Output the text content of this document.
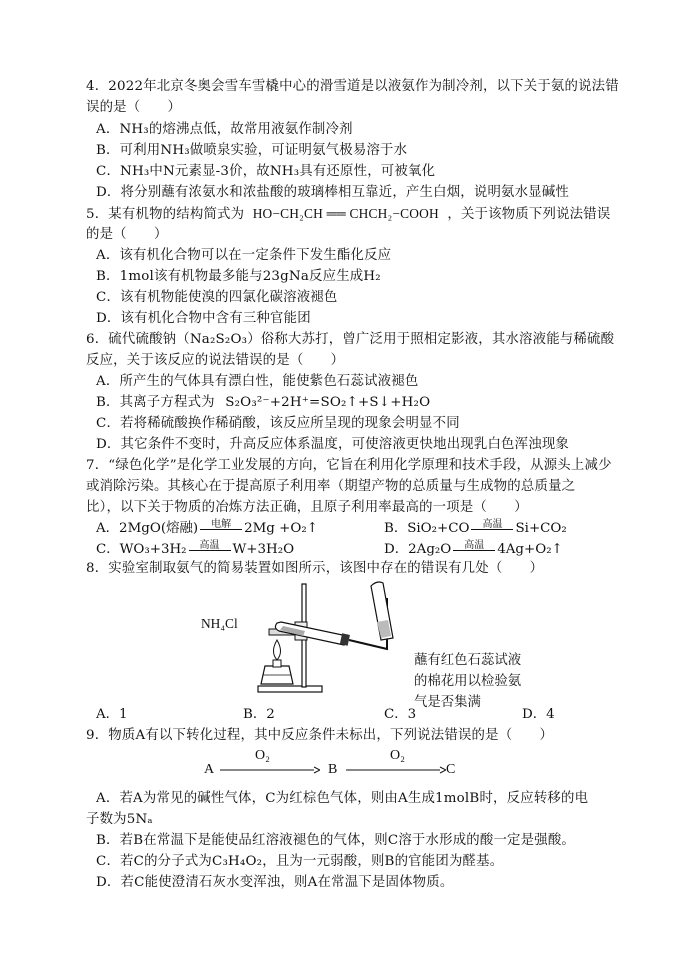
4．2022年北京冬奥会雪车雪橇中心的滑雪道是以液氨作为制冷剂，以下关于氨的说法错
误的是（　　）
A．NH₃的熔沸点低，故常用液氨作制冷剂
B．可利用NH₃做喷泉实验，可证明氨气极易溶于水
C．NH₃中N元素显-3价，故NH₃具有还原性，可被氧化
D．将分别蘸有浓氨水和浓盐酸的玻璃棒相互靠近，产生白烟，说明氨水显碱性
5．某有机物的结构简式为 HO−CH₂CH ══ CHCH₂−COOH ，关于该物质下列说法错误
的是（　　）
A．该有机化合物可以在一定条件下发生酯化反应
B．1mol该有机物最多能与23gNa反应生成H₂
C．该有机物能使溴的四氯化碳溶液褪色
D．该有机化合物中含有三种官能团
6．硫代硫酸钠（Na₂S₂O₃）俗称大苏打，曾广泛用于照相定影液，其水溶液能与稀硫酸
反应，关于该反应的说法错误的是（　　）
A．所产生的气体具有漂白性，能使紫色石蕊试液褪色
B．其离子方程式为 S₂O₃²⁻+2H⁺=SO₂↑+S↓+H₂O
C．若将稀硫酸换作稀硝酸，该反应所呈现的现象会明显不同
D．其它条件不变时，升高反应体系温度，可使溶液更快地出现乳白色浑浊现象
7．“绿色化学”是化学工业发展的方向，它旨在利用化学原理和技术手段，从源头上减少
或消除污染。其核心在于提高原子利用率（期望产物的总质量与生成物的总质量之
比），以下关于物质的冶炼方法正确，且原子利用率最高的一项是（　　）
A．2MgO(熔融)	电解 2Mg +O₂↑	B．SiO₂+CO	高温 Si+CO₂
C．WO₃+3H₂	高温 W+3H₂O	D．2Ag₂O	高温 4Ag+O₂↑
8．实验室制取氨气的简易装置如图所示，该图中存在的错误有几处（　　）
NH₄Cl
蘸有红色石蕊试液
的棉花用以检验氨
气是否集满
A．1	B．2	C．3	D．4
9．物质A有以下转化过程，其中反应条件未标出，下列说法错误的是（　　）
A
O₂
B
O₂
C
A．若A为常见的碱性气体，C为红棕色气体，则由A生成1molB时，反应转移的电
子数为5Nₐ
B．若B在常温下是能使品红溶液褪色的气体，则C溶于水形成的酸一定是强酸。
C．若C的分子式为C₃H₄O₂，且为一元弱酸，则B的官能团为醛基。
D．若C能使澄清石灰水变浑浊，则A在常温下是固体物质。
